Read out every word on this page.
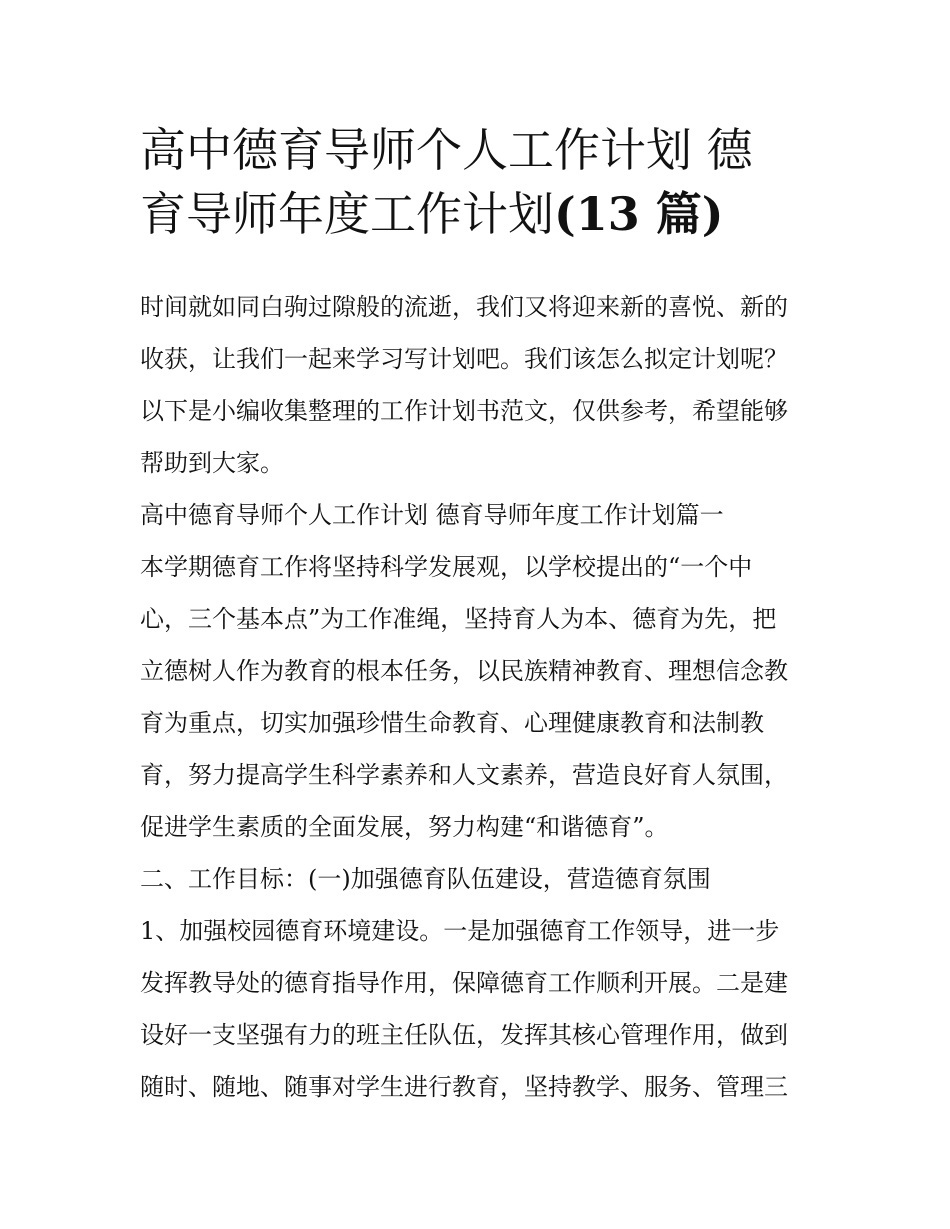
高中德育导师个人工作计划 德
育导师年度工作计划(13 篇)
时间就如同白驹过隙般的流逝，我们又将迎来新的喜悦、新的
收获，让我们一起来学习写计划吧。我们该怎么拟定计划呢？
以下是小编收集整理的工作计划书范文，仅供参考，希望能够
帮助到大家。
高中德育导师个人工作计划 德育导师年度工作计划篇一
本学期德育工作将坚持科学发展观，以学校提出的“一个中
心，三个基本点”为工作准绳，坚持育人为本、德育为先，把
立德树人作为教育的根本任务，以民族精神教育、理想信念教
育为重点，切实加强珍惜生命教育、心理健康教育和法制教
育，努力提高学生科学素养和人文素养，营造良好育人氛围，
促进学生素质的全面发展，努力构建“和谐德育”。
二、工作目标：(一)加强德育队伍建设，营造德育氛围
1、加强校园德育环境建设。一是加强德育工作领导，进一步
发挥教导处的德育指导作用，保障德育工作顺利开展。二是建
设好一支坚强有力的班主任队伍，发挥其核心管理作用，做到
随时、随地、随事对学生进行教育，坚持教学、服务、管理三
